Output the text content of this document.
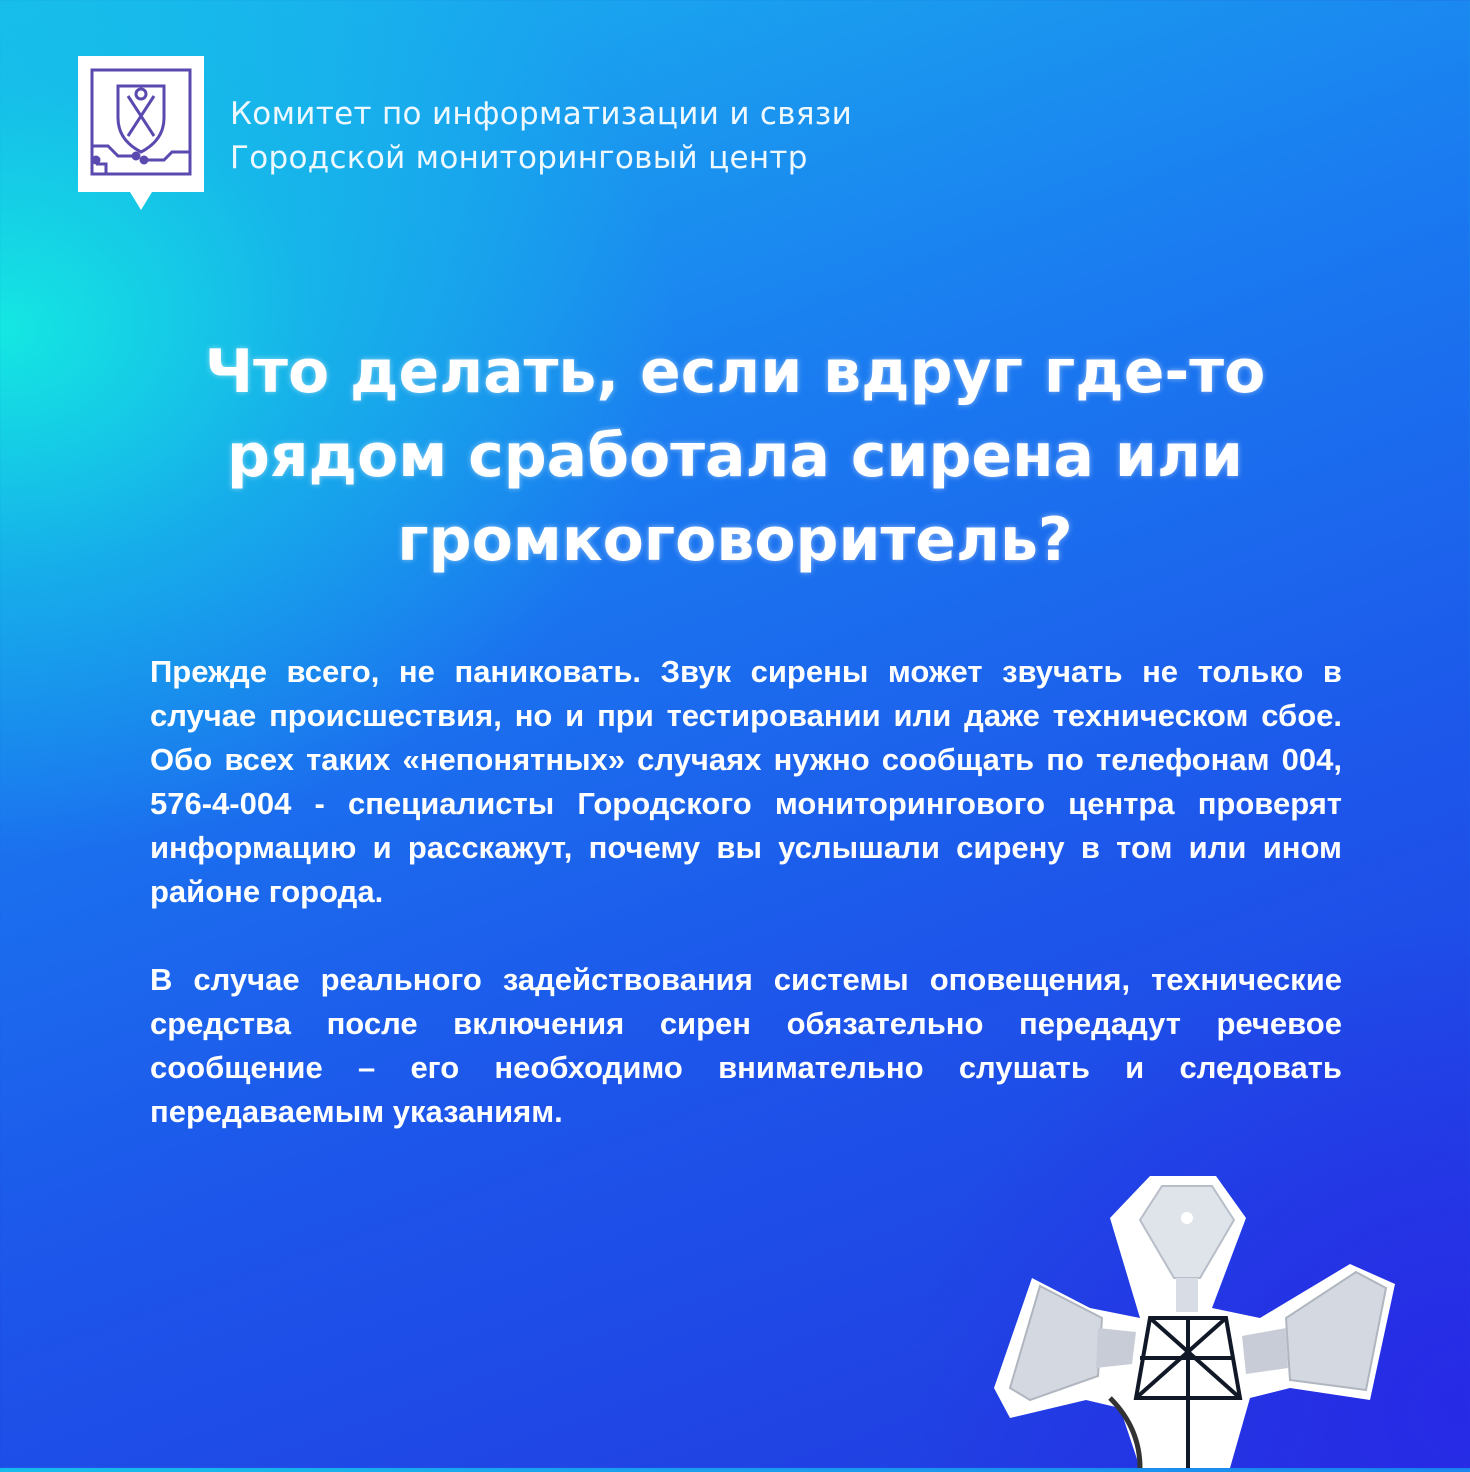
Комитет по информатизации и связи
Городской мониторинговый центр
Что делать, если вдруг где-то рядом сработала сирена или громкоговоритель?

Прежде всего, не паниковать. Звук сирены может звучать не только в случае происшествия, но и при тестировании или даже техническом сбое. Обо всех таких «непонятных» случаях нужно сообщать по телефонам 004, 576-4-004 - специалисты Городского мониторингового центра проверят информацию и расскажут, почему вы услышали сирену в том или ином районе города.

В случае реального задействования системы оповещения, технические средства после включения сирен обязательно передадут речевое сообщение – его необходимо внимательно слушать и следовать передаваемым указаниям.
